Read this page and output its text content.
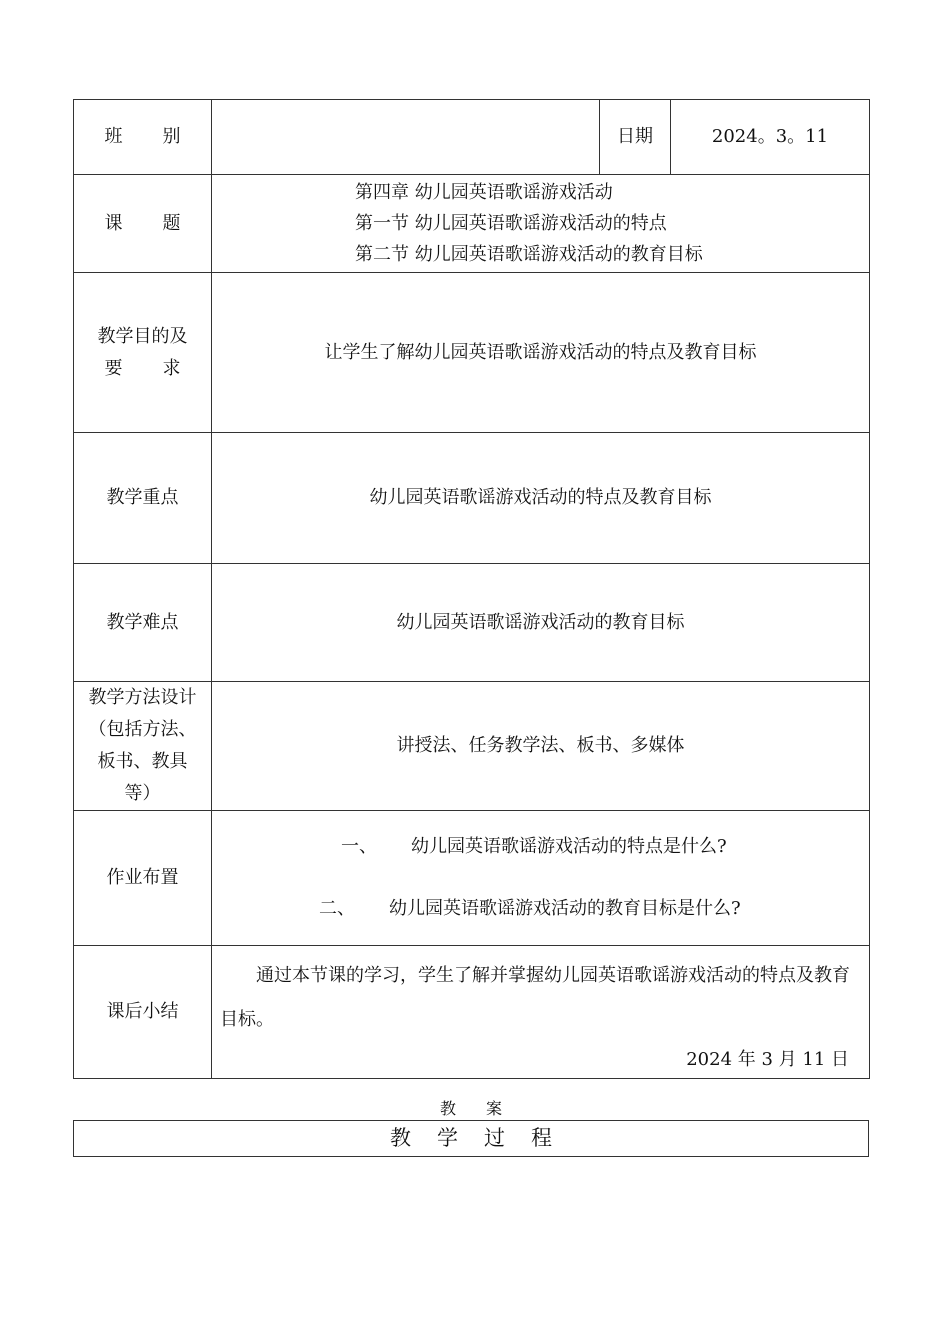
班别		日期	2024。3。11
课题	第四章 幼儿园英语歌谣游戏活动
第一节 幼儿园英语歌谣游戏活动的特点
第二节 幼儿园英语歌谣游戏活动的教育目标		

教学目的及
要求	让学生了解幼儿园英语歌谣游戏活动的特点及教育目标		
教学重点	幼儿园英语歌谣游戏活动的特点及教育目标		
教学难点	幼儿园英语歌谣游戏活动的教育目标		

教学方法设计
（包括方法、
板书、教具
等）	讲授法、任务教学法、板书、多媒体		
作业布置	一、 幼儿园英语歌谣游戏活动的特点是什么?
二、 幼儿园英语歌谣游戏活动的教育目标是什么?		

课后小结	通过本节课的学习，学生了解并掌握幼儿园英语歌谣游戏活动的特点及教育目标。
2024 年 3 月 11 日		
教案
教学过程
